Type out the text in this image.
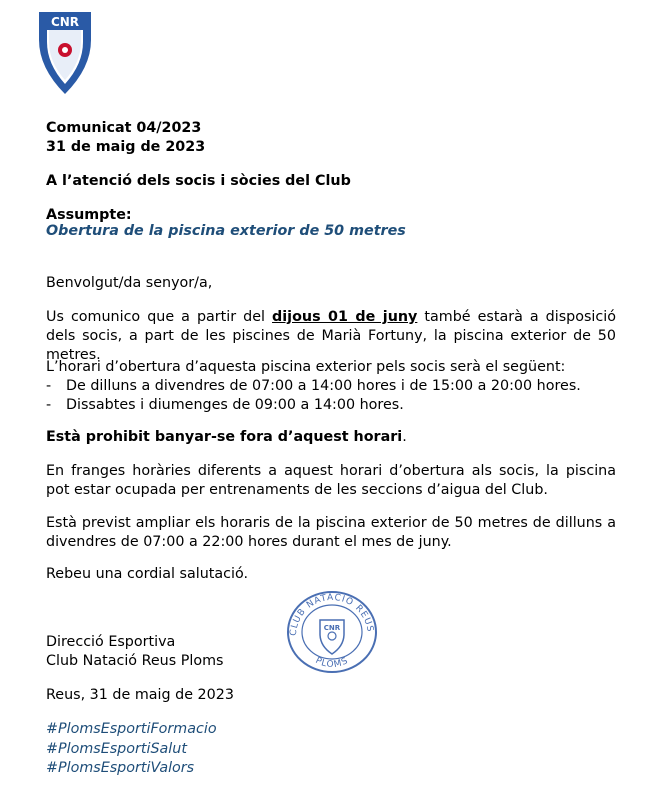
CNR

Comunicat 04/2023

31 de maig de 2023

A l’atenció dels socis i sòcies del Club

Assumpte:

Obertura de la piscina exterior de 50 metres

Benvolgut/da senyor/a,

Us comunico que a partir del dijous 01 de juny també estarà a disposició dels socis, a part de les piscines de Marià Fortuny, la piscina exterior de 50 metres.

L’horari d’obertura d’aquesta piscina exterior pels socis serà el següent:
-	De dilluns a divendres de 07:00 a 14:00 hores i de 15:00 a 20:00 hores.
-	Dissabtes i diumenges de 09:00 a 14:00 hores.

Està prohibit banyar-se fora d’aquest horari.

En franges horàries diferents a aquest horari d’obertura als socis, la piscina pot estar ocupada per entrenaments de les seccions d’aigua del Club.

Està previst ampliar els horaris de la piscina exterior de 50 metres de dilluns a divendres de 07:00 a 22:00 hores durant el mes de juny.

Rebeu una cordial salutació.

CLUB NATACIÓ REUS
PLOMS
CNR

Direcció Esportiva

Club Natació Reus Ploms

Reus, 31 de maig de 2023

#PlomsEsportiFormacio

#PlomsEsportiSalut

#PlomsEsportiValors
